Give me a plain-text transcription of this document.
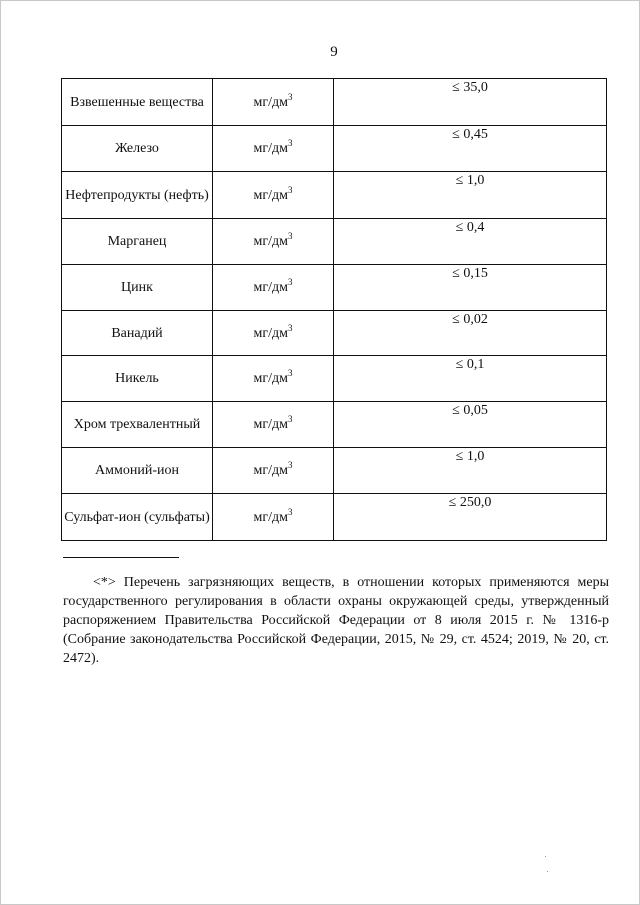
9
Взвешенные вещества	$мг/дм^3$	≤ 35,0
Железо	$мг/дм^3$	≤ 0,45
Нефтепродукты (нефть)	$мг/дм^3$	≤ 1,0
Марганец	$мг/дм^3$	≤ 0,4
Цинк	$мг/дм^3$	≤ 0,15
Ванадий	$мг/дм^3$	≤ 0,02
Никель	$мг/дм^3$	≤ 0,1
Хром трехвалентный	$мг/дм^3$	≤ 0,05
Аммоний-ион	$мг/дм^3$	≤ 1,0
Сульфат-ион (сульфаты)	$мг/дм^3$	≤ 250,0
<*> Перечень загрязняющих веществ, в отношении которых применяются меры государственного регулирования в области охраны окружающей среды, утвержденный распоряжением Правительства Российской Федерации от 8 июля 2015 г. № 1316-р (Собрание законодательства Российской Федерации, 2015, № 29, ст. 4524; 2019, № 20, ст. 2472).
